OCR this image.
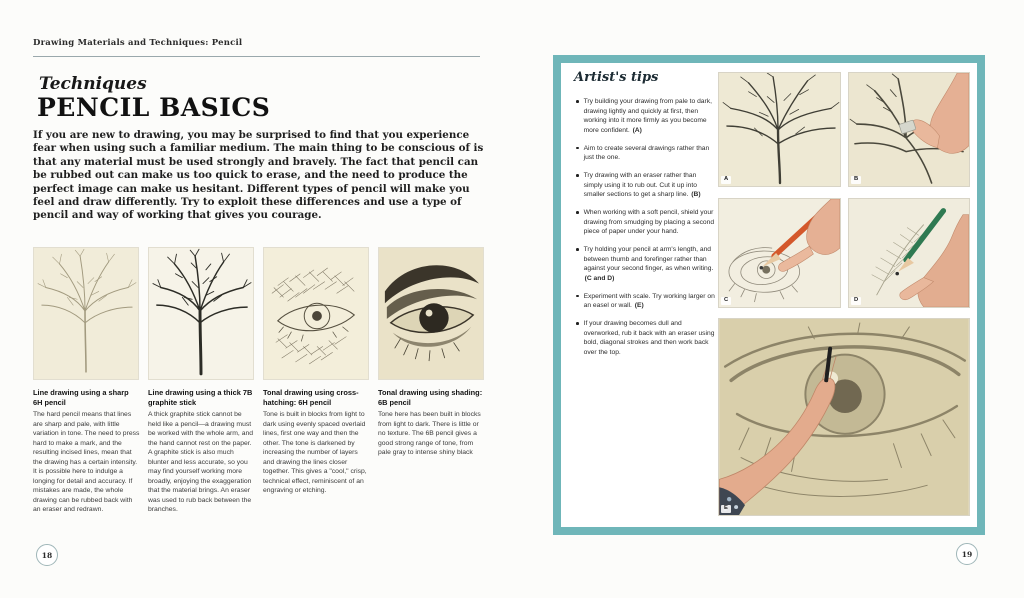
Drawing Materials and Techniques: Pencil
Techniques
PENCIL BASICS
If you are new to drawing, you may be surprised to find that you experience fear when using such a familiar medium. The main thing to be conscious of is that any material must be used strongly and bravely. The fact that pencil can be rubbed out can make us too quick to erase, and the need to produce the perfect image can make us hesitant. Different types of pencil will make you feel and draw differently. Try to exploit these differences and use a type of pencil and way of working that gives you courage.
Line drawing using a sharp 6H pencil

The hard pencil means that lines are sharp and pale, with little variation in tone. The need to press hard to make a mark, and the resulting incised lines, mean that the drawing has a certain intensity. It is possible here to indulge a longing for detail and accuracy. If mistakes are made, the whole drawing can be rubbed back with an eraser and redrawn.

Line drawing using a thick 7B graphite stick

A thick graphite stick cannot be held like a pencil—a drawing must be worked with the whole arm, and the hand cannot rest on the paper. A graphite stick is also much blunter and less accurate, so you may find yourself working more broadly, enjoying the exaggeration that the material brings. An eraser was used to rub back between the branches.

Tonal drawing using cross-hatching: 6H pencil

Tone is built in blocks from light to dark using evenly spaced overlaid lines, first one way and then the other. The tone is darkened by increasing the number of layers and drawing the lines closer together. This gives a "cool," crisp, technical effect, reminiscent of an engraving or etching.

Tonal drawing using shading: 6B pencil

Tone here has been built in blocks from light to dark. There is little or no texture. The 6B pencil gives a good strong range of tone, from pale gray to intense shiny black

18
Artist's tips
Try building your drawing from pale to dark, drawing lightly and quickly at first, then working into it more firmly as you become more confident. (A)
Aim to create several drawings rather than just the one.
Try drawing with an eraser rather than simply using it to rub out. Cut it up into smaller sections to get a sharp line. (B)
When working with a soft pencil, shield your drawing from smudging by placing a second piece of paper under your hand.
Try holding your pencil at arm's length, and between thumb and forefinger rather than against your second finger, as when writing. (C and D)
Experiment with scale. Try working larger on an easel or wall. (E)
If your drawing becomes dull and overworked, rub it back with an eraser using bold, diagonal strokes and then work back over the top.
A	B
C	D
E
19
